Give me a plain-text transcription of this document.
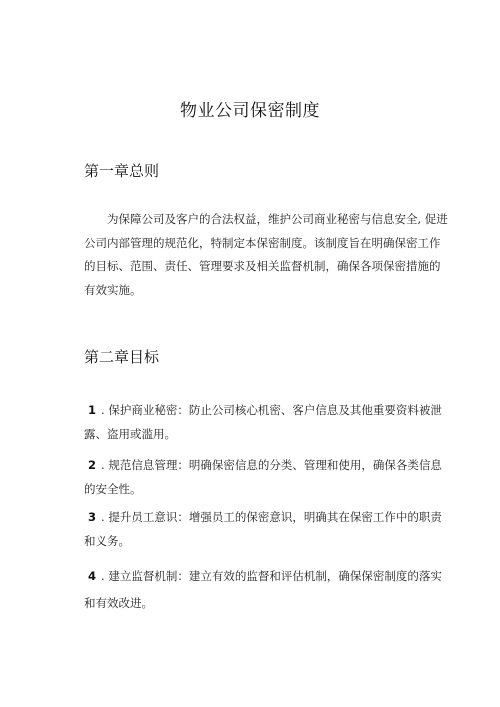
物业公司保密制度
第一章总则
为保障公司及客户的合法权益，维护公司商业秘密与信息安全, 促进公司内部管理的规范化，特制定本保密制度。该制度旨在明确保密工作的目标、范围、责任、管理要求及相关监督机制，确保各项保密措施的有效实施。
第二章目标
1 . 保护商业秘密：防止公司核心机密、客户信息及其他重要资料被泄露、盗用或滥用。
2 . 规范信息管理：明确保密信息的分类、管理和使用，确保各类信息的安全性。
3 . 提升员工意识：增强员工的保密意识，明确其在保密工作中的职责和义务。
4 . 建立监督机制：建立有效的监督和评估机制，确保保密制度的落实和有效改进。
